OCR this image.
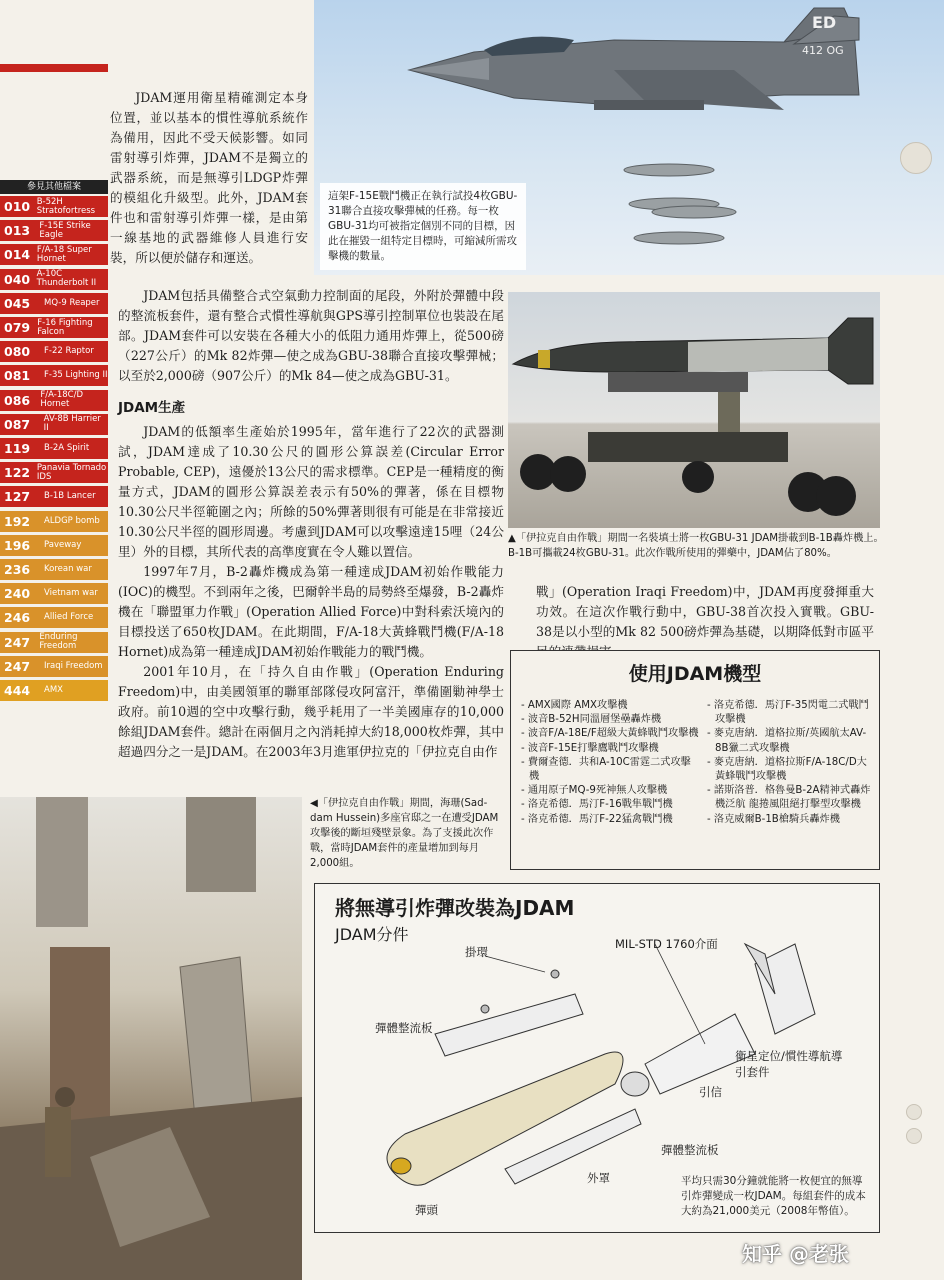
ED
412 OG
這架F-15E戰鬥機正在執行試投4枚GBU-31聯合直接攻擊彈械的任務。每一枚GBU-31均可被指定個別不同的目標，因此在摧毀一組特定目標時，可縮減所需攻擊機的數量。
參見其他檔案
010 B-52H Stratofortress
013	F-15E Strike Eagle
014 F/A-18 Super Hornet
040 A-10C Thunderbolt II
045	MQ-9 Reaper
079 F-16 Fighting Falcon
080	F-22 Raptor
081	F-35 Lighting II
086	F/A-18C/D Hornet
087	AV-8B Harrier II
119	B-2A Spirit
122 Panavia Tornado IDS
127	B-1B Lancer
192	ALDGP bomb
196	Paveway
236	Korean war
240	Vietnam war
246	Allied Force
247	Enduring Freedom
247	Iraqi Freedom
444	AMX

JDAM運用衛星精確測定本身位置，並以基本的慣性導航系統作為備用，因此不受天候影響。如同雷射導引炸彈，JDAM不是獨立的武器系統，而是無導引LDGP炸彈的模組化升級型。此外，JDAM套件也和雷射導引炸彈一樣，是由第一線基地的武器維修人員進行安裝，所以便於儲存和運送。

JDAM包括具備整合式空氣動力控制面的尾段，外附於彈體中段的整流板套件，還有整合式慣性導航與GPS導引控制單位也裝設在尾部。JDAM套件可以安裝在各種大小的低阻力通用炸彈上，從500磅（227公斤）的Mk 82炸彈—使之成為GBU-38聯合直接攻擊彈械；以至於2,000磅（907公斤）的Mk 84—使之成為GBU-31。

JDAM生產

JDAM的低額率生產始於1995年，當年進行了22次的武器測試，JDAM達成了10.30公尺的圓形公算誤差(Circular Error Probable, CEP)，遠優於13公尺的需求標準。CEP是一種精度的衡量方式，JDAM的圓形公算誤差表示有50%的彈著，係在目標物10.30公尺半徑範圍之內；所餘的50%彈著則很有可能是在非常接近10.30公尺半徑的圓形周邊。考慮到JDAM可以攻擊遠達15哩（24公里）外的目標，其所代表的高準度實在令人難以置信。

1997年7月，B-2轟炸機成為第一種達成JDAM初始作戰能力(IOC)的機型。不到兩年之後，巴爾幹半島的局勢終至爆發，B-2轟炸機在「聯盟軍力作戰」(Operation Allied Force)中對科索沃境內的目標投送了650枚JDAM。在此期間，F/A-18大黃蜂戰鬥機(F/A-18 Hornet)成為第一種達成JDAM初始作戰能力的戰鬥機。

2001年10月，在「持久自由作戰」(Operation Enduring Freedom)中，由美國領軍的聯軍部隊侵攻阿富汗，準備圍勦神學士政府。前10週的空中攻擊行動，幾乎耗用了一半美國庫存的10,000餘組JDAM套件。總計在兩個月之內消耗掉大約18,000枚炸彈，其中超過四分之一是JDAM。在2003年3月進軍伊拉克的「伊拉克自由作

戰」(Operation Iraqi Freedom)中，JDAM再度發揮重大功效。在這次作戰行動中，GBU-38首次投入實戰。GBU-38是以小型的Mk 82 500磅炸彈為基礎，以期降低對市區平

▲「伊拉克自由作戰」期間一名裝填士將一枚GBU-31 JDAM掛載到B-1B轟炸機上。B-1B可攜載24枚GBU-31。此次作戰所使用的彈藥中，JDAM佔了80%。
使用JDAM機型
- AMX國際 AMX攻擊機
- 波音B-52H同溫層堡壘轟炸機
- 波音F/A-18E/F超級大黃蜂戰鬥攻擊機
- 波音F-15E打擊鷹戰鬥攻擊機
- 費爾查德．共和A-10C雷霆二式攻擊機
- 通用原子MQ-9死神無人攻擊機
- 洛克希德．馬汀F-16戰隼戰鬥機
- 洛克希德．馬汀F-22猛禽戰鬥機
- 洛克希德．馬汀F-35閃電二式戰鬥攻擊機
- 麥克唐納．道格拉斯/英國航太AV-8B獵二式攻擊機
- 麥克唐納．道格拉斯F/A-18C/D大黃蜂戰鬥攻擊機
- 諾斯洛普．格魯曼B-2A精神式轟炸機泛航 龍捲風阻絕打擊型攻擊機
- 洛克威爾B-1B槍騎兵轟炸機
◀「伊拉克自由作戰」期間，海珊(Sad-dam Hussein)多座官邸之一在遭受JDAM攻擊後的斷垣殘壁景象。為了支援此次作戰，當時JDAM套件的產量增加到每月2,000組。
將無導引炸彈改裝為JDAM
JDAM分件
掛環
MIL-STD 1760介面
彈體整流板
衛星定位/慣性導航導引套件
引信
彈體整流板
外罩
彈頭
平均只需30分鐘就能將一枚便宜的無導引炸彈變成一枚JDAM。每組套件的成本大約為21,000美元（2008年幣值）。
知乎 @老张
